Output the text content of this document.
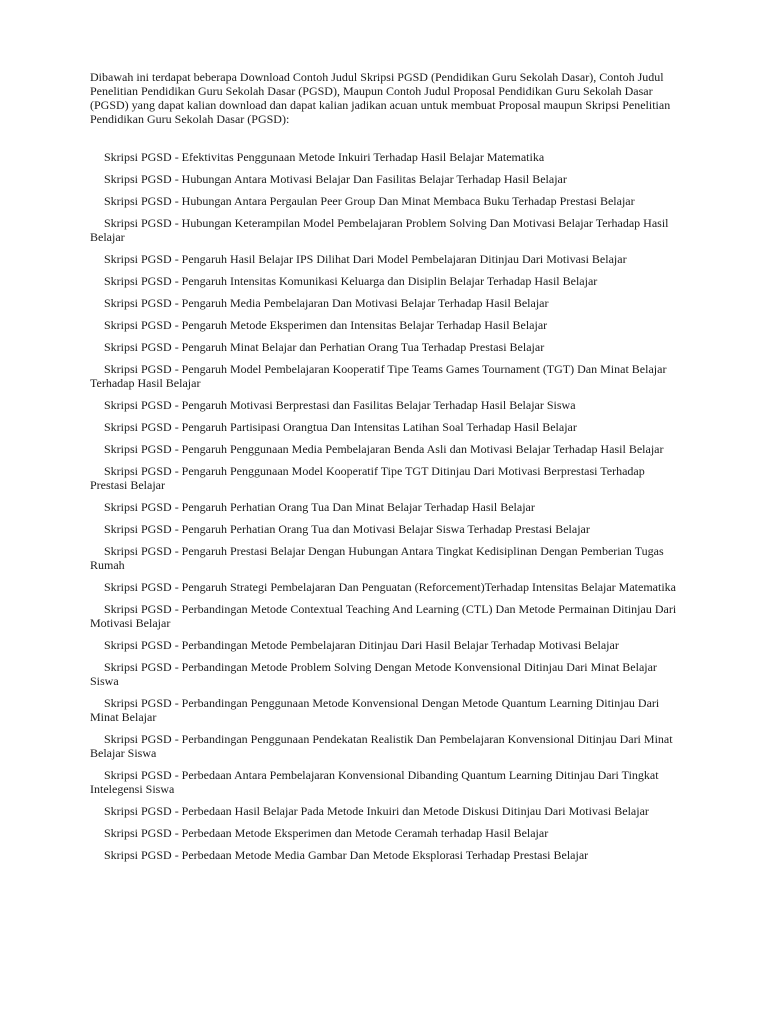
Dibawah ini terdapat beberapa Download Contoh Judul Skripsi PGSD (Pendidikan Guru Sekolah Dasar), Contoh Judul Penelitian Pendidikan Guru Sekolah Dasar (PGSD), Maupun Contoh Judul Proposal Pendidikan Guru Sekolah Dasar (PGSD) yang dapat kalian download dan dapat kalian jadikan acuan untuk membuat Proposal maupun Skripsi Penelitian Pendidikan Guru Sekolah Dasar (PGSD):

Skripsi PGSD - Efektivitas Penggunaan Metode Inkuiri Terhadap Hasil Belajar Matematika
Skripsi PGSD - Hubungan Antara Motivasi Belajar Dan Fasilitas Belajar Terhadap Hasil Belajar
Skripsi PGSD - Hubungan Antara Pergaulan Peer Group Dan Minat Membaca Buku Terhadap Prestasi Belajar
Skripsi PGSD - Hubungan Keterampilan Model Pembelajaran Problem Solving Dan Motivasi Belajar Terhadap Hasil Belajar
Skripsi PGSD - Pengaruh Hasil Belajar IPS Dilihat Dari Model Pembelajaran Ditinjau Dari Motivasi Belajar
Skripsi PGSD - Pengaruh Intensitas Komunikasi Keluarga dan Disiplin Belajar Terhadap Hasil Belajar
Skripsi PGSD - Pengaruh Media Pembelajaran Dan Motivasi Belajar Terhadap Hasil Belajar
Skripsi PGSD - Pengaruh Metode Eksperimen dan Intensitas Belajar Terhadap Hasil Belajar
Skripsi PGSD - Pengaruh Minat Belajar dan Perhatian Orang Tua Terhadap Prestasi Belajar
Skripsi PGSD - Pengaruh Model Pembelajaran Kooperatif Tipe Teams Games Tournament (TGT) Dan Minat Belajar Terhadap Hasil Belajar
Skripsi PGSD - Pengaruh Motivasi Berprestasi dan Fasilitas Belajar Terhadap Hasil Belajar Siswa
Skripsi PGSD - Pengaruh Partisipasi Orangtua Dan Intensitas Latihan Soal Terhadap Hasil Belajar
Skripsi PGSD - Pengaruh Penggunaan Media Pembelajaran Benda Asli dan Motivasi Belajar Terhadap Hasil Belajar
Skripsi PGSD - Pengaruh Penggunaan Model Kooperatif Tipe TGT Ditinjau Dari Motivasi Berprestasi Terhadap Prestasi Belajar
Skripsi PGSD - Pengaruh Perhatian Orang Tua Dan Minat Belajar Terhadap Hasil Belajar
Skripsi PGSD - Pengaruh Perhatian Orang Tua dan Motivasi Belajar Siswa Terhadap Prestasi Belajar
Skripsi PGSD - Pengaruh Prestasi Belajar Dengan Hubungan Antara Tingkat Kedisiplinan Dengan Pemberian Tugas Rumah
Skripsi PGSD - Pengaruh Strategi Pembelajaran Dan Penguatan (Reforcement)Terhadap Intensitas Belajar Matematika
Skripsi PGSD - Perbandingan Metode Contextual Teaching And Learning (CTL) Dan Metode Permainan Ditinjau Dari Motivasi Belajar
Skripsi PGSD - Perbandingan Metode Pembelajaran Ditinjau Dari Hasil Belajar Terhadap Motivasi Belajar
Skripsi PGSD - Perbandingan Metode Problem Solving Dengan Metode Konvensional Ditinjau Dari Minat Belajar Siswa
Skripsi PGSD - Perbandingan Penggunaan Metode Konvensional Dengan Metode Quantum Learning Ditinjau Dari Minat Belajar
Skripsi PGSD - Perbandingan Penggunaan Pendekatan Realistik Dan Pembelajaran Konvensional Ditinjau Dari Minat Belajar Siswa
Skripsi PGSD - Perbedaan Antara Pembelajaran Konvensional Dibanding Quantum Learning Ditinjau Dari Tingkat Intelegensi Siswa
Skripsi PGSD - Perbedaan Hasil Belajar Pada Metode Inkuiri dan Metode Diskusi Ditinjau Dari Motivasi Belajar
Skripsi PGSD - Perbedaan Metode Eksperimen dan Metode Ceramah terhadap Hasil Belajar
Skripsi PGSD - Perbedaan Metode Media Gambar Dan Metode Eksplorasi Terhadap Prestasi Belajar
